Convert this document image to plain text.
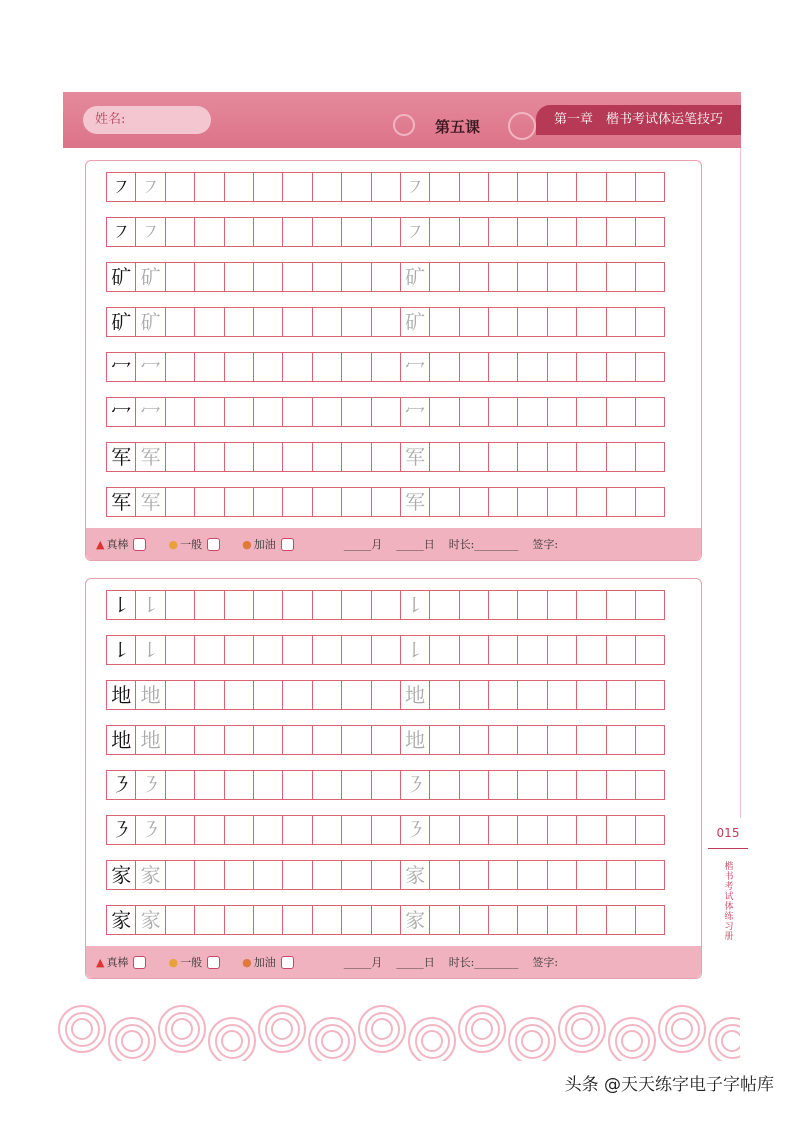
姓名:	第五课	第一章　楷书考试体运笔技巧
㇇ ㇇	㇇
㇇ ㇇	㇇
矿 矿	矿
矿 矿	矿
冖 冖	冖
冖 冖	冖
军 军	军
军 军	军
▲ 真棒	● 一般	● 加油	_____月 _____日 时长:________ 签字:
㇙ ㇙	㇙
㇙ ㇙	㇙
地 地	地
地 地	地
㇋ ㇋	㇋
㇋ ㇋	㇋
家 家	家
家 家	家
▲ 真棒	● 一般	● 加油	_____月 _____日 时长:________ 签字:
015
楷书考试体练习册
头条 @天天练字电子字帖库
